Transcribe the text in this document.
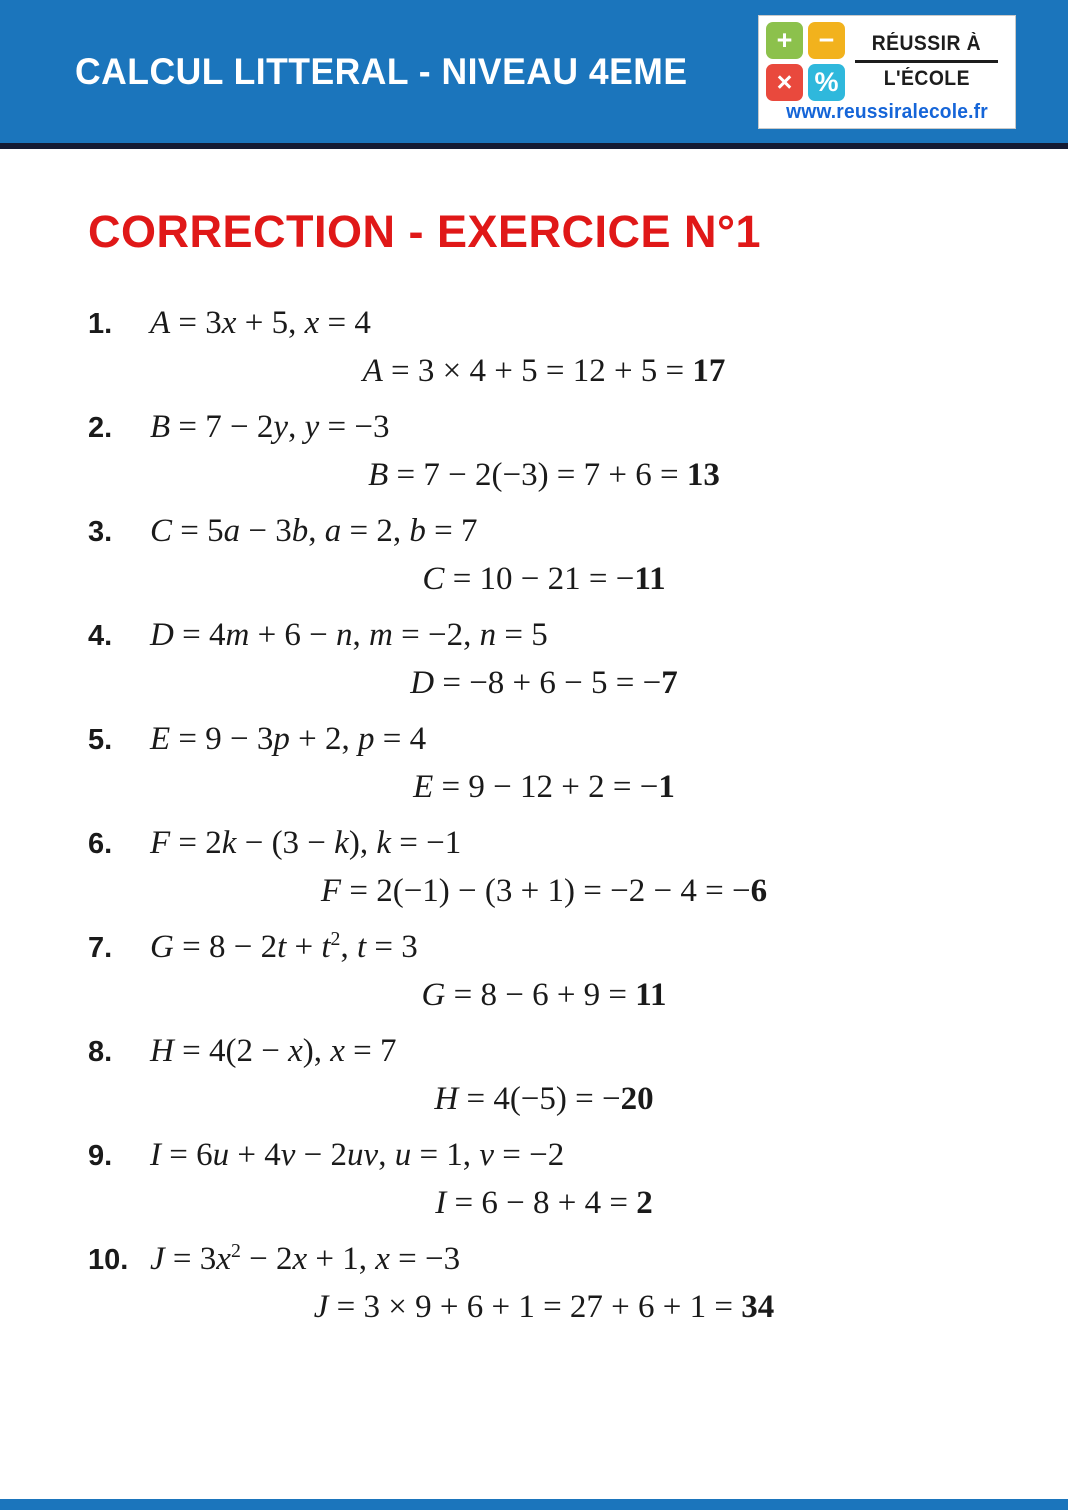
CALCUL LITTERAL - NIVEAU 4EME
+ −
× %
RÉUSSIR À
L'ÉCOLE
www.reussiralecole.fr
CORRECTION - EXERCICE N°1
1.	A = 3x + 5, x = 4
A = 3 × 4 + 5 = 12 + 5 = 17
2.	B = 7 − 2y, y = −3
B = 7 − 2(−3) = 7 + 6 = 13
3.	C = 5a − 3b, a = 2, b = 7
C = 10 − 21 = −11
4.	D = 4m + 6 − n, m = −2, n = 5
D = −8 + 6 − 5 = −7
5.	E = 9 − 3p + 2, p = 4
E = 9 − 12 + 2 = −1
6.	F = 2k − (3 − k), k = −1
F = 2(−1) − (3 + 1) = −2 − 4 = −6
7.	$G = 8 - 2t + t^2$, t = 3
G = 8 − 6 + 9 = 11
8.	H = 4(2 − x), x = 7
H = 4(−5) = −20
9.	I = 6u + 4v − 2uv, u = 1, v = −2
I = 6 − 8 + 4 = 2
10. $J = 3x^2 - 2x + 1$, x = −3
J = 3 × 9 + 6 + 1 = 27 + 6 + 1 = 34
